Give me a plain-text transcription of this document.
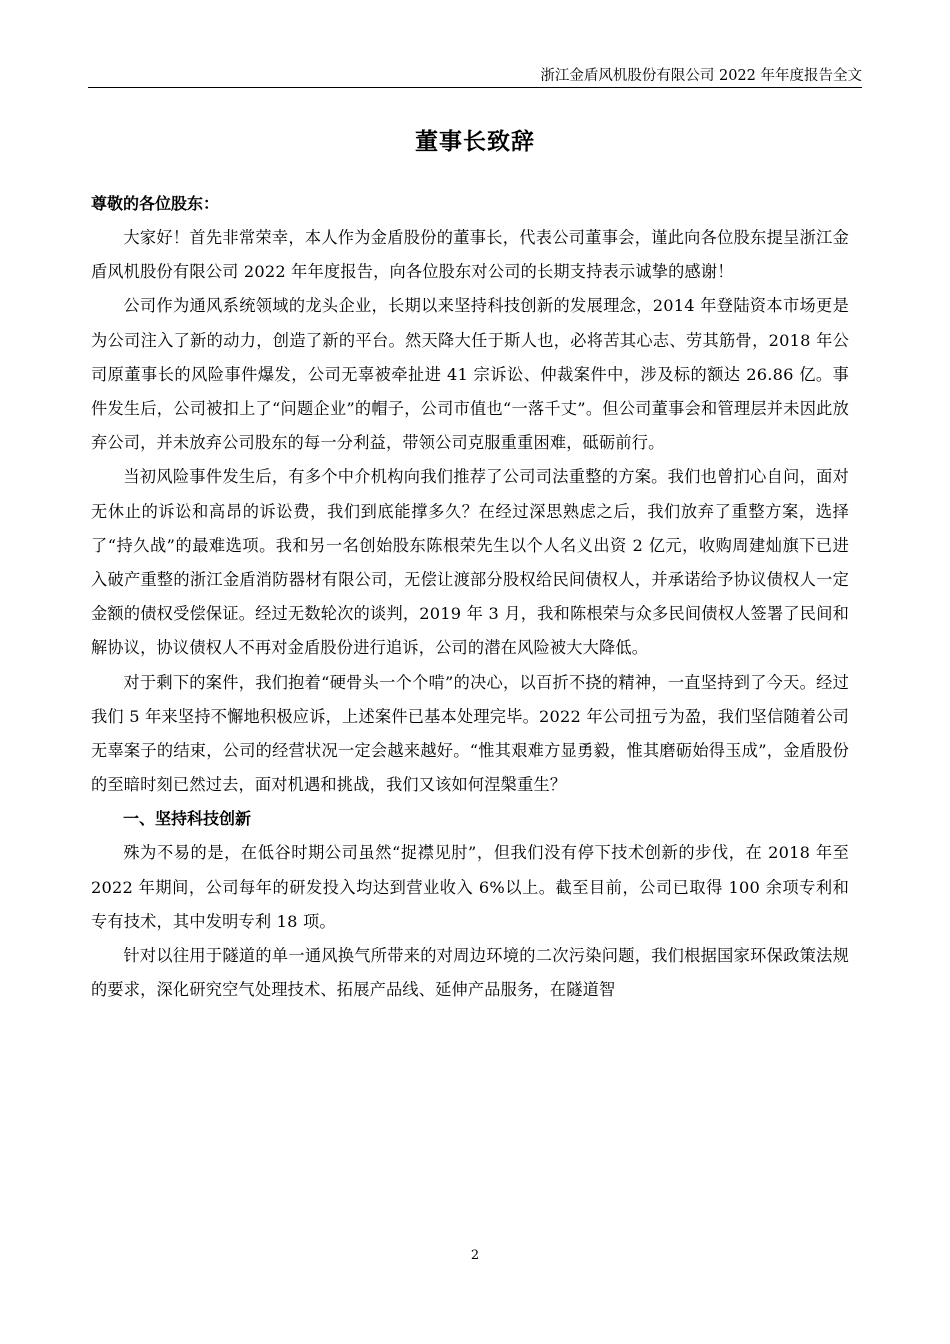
浙江金盾风机股份有限公司 2022 年年度报告全文
董事长致辞

尊敬的各位股东：

大家好！首先非常荣幸，本人作为金盾股份的董事长，代表公司董事会，谨此向各位股东提呈浙江金盾风机股份有限公司 2022 年年度报告，向各位股东对公司的长期支持表示诚挚的感谢！

公司作为通风系统领域的龙头企业，长期以来坚持科技创新的发展理念，2014 年登陆资本市场更是为公司注入了新的动力，创造了新的平台。然天降大任于斯人也，必将苦其心志、劳其筋骨，2018 年公司原董事长的风险事件爆发，公司无辜被牵扯进 41 宗诉讼、仲裁案件中，涉及标的额达 26.86 亿。事件发生后，公司被扣上了“问题企业”的帽子，公司市值也“一落千丈”。但公司董事会和管理层并未因此放弃公司，并未放弃公司股东的每一分利益，带领公司克服重重困难，砥砺前行。

当初风险事件发生后，有多个中介机构向我们推荐了公司司法重整的方案。我们也曾扪心自问，面对无休止的诉讼和高昂的诉讼费，我们到底能撑多久？在经过深思熟虑之后，我们放弃了重整方案，选择了“持久战”的最难选项。我和另一名创始股东陈根荣先生以个人名义出资 2 亿元，收购周建灿旗下已进入破产重整的浙江金盾消防器材有限公司，无偿让渡部分股权给民间债权人，并承诺给予协议债权人一定金额的债权受偿保证。经过无数轮次的谈判，2019 年 3 月，我和陈根荣与众多民间债权人签署了民间和解协议，协议债权人不再对金盾股份进行追诉，公司的潜在风险被大大降低。

对于剩下的案件，我们抱着“硬骨头一个个啃”的决心，以百折不挠的精神，一直坚持到了今天。经过我们 5 年来坚持不懈地积极应诉，上述案件已基本处理完毕。2022 年公司扭亏为盈，我们坚信随着公司无辜案子的结束，公司的经营状况一定会越来越好。“惟其艰难方显勇毅，惟其磨砺始得玉成”，金盾股份的至暗时刻已然过去，面对机遇和挑战，我们又该如何涅槃重生？

一、坚持科技创新

殊为不易的是，在低谷时期公司虽然“捉襟见肘”，但我们没有停下技术创新的步伐，在 2018 年至 2022 年期间，公司每年的研发投入均达到营业收入 6%以上。截至目前，公司已取得 100 余项专利和专有技术，其中发明专利 18 项。

针对以往用于隧道的单一通风换气所带来的对周边环境的二次污染问题，我们根据国家环保政策法规的要求，深化研究空气处理技术、拓展产品线、延伸产品服务，在隧道智

2
